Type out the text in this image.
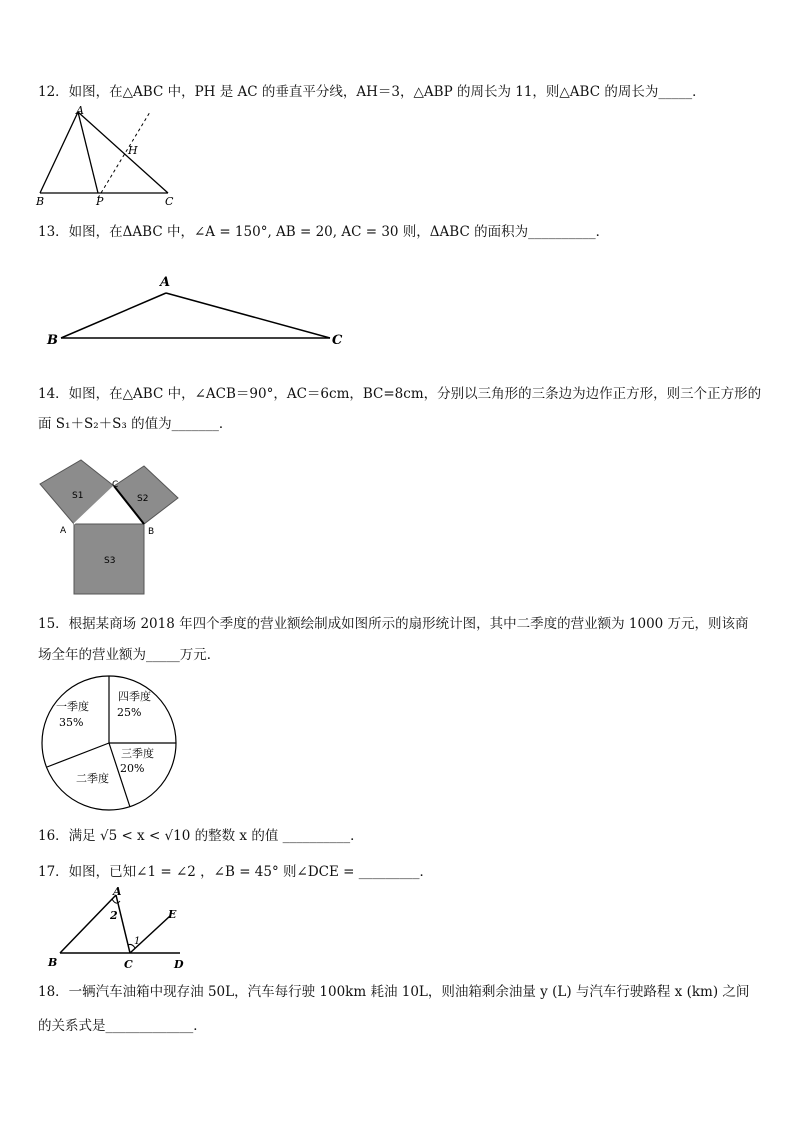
12．如图，在△ABC 中，PH 是 AC 的垂直平分线，AH＝3，△ABP 的周长为 11，则△ABC 的周长为_____．
A
B	P	C
H
13．如图，在ΔABC 中，∠A = 150°, AB = 20, AC = 30 则，ΔABC 的面积为__________．
A
B	C
14．如图，在△ABC 中，∠ACB＝90°，AC＝6cm，BC=8cm，分别以三角形的三条边为边作正方形，则三个正方形的
面 S₁＋S₂＋S₃ 的值为_______．
S1	S2
S3
A	B
C
15．根据某商场 2018 年四个季度的营业额绘制成如图所示的扇形统计图，其中二季度的营业额为 1000 万元，则该商
场全年的营业额为_____万元．
一季度
35%
四季度
25%
三季度
20%
二季度
16．满足 √5 < x < √10 的整数 x 的值 __________．
17．如图，已知∠1 = ∠2 ，∠B = 45° 则∠DCE = _________．
A
B	C	D
E
2
1
18．一辆汽车油箱中现存油 50L，汽车每行驶 100km 耗油 10L，则油箱剩余油量 y (L) 与汽车行驶路程 x (km) 之间
的关系式是_____________．
